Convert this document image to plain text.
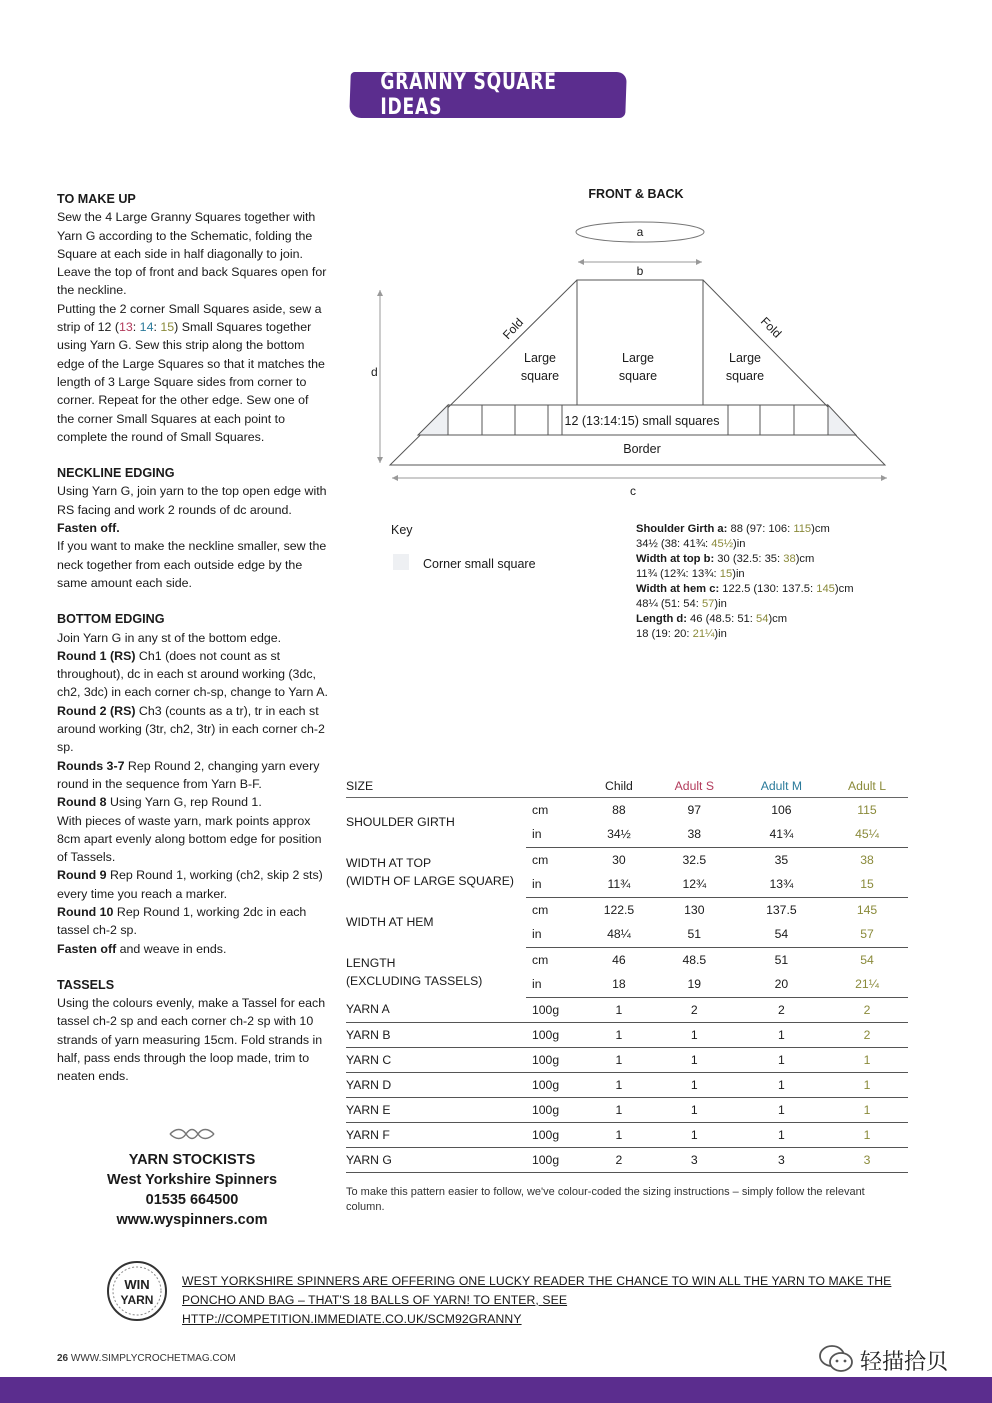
GRANNY SQUARE IDEAS
TO MAKE UP

Sew the 4 Large Granny Squares together with Yarn G according to the Schematic, folding the Square at each side in half diagonally to join. Leave the top of front and back Squares open for the neckline.

Putting the 2 corner Small Squares aside, sew a strip of 12 (13: 14: 15) Small Squares together using Yarn G. Sew this strip along the bottom edge of the Large Squares so that it matches the length of 3 Large Square sides from corner to corner. Repeat for the other edge. Sew one of the corner Small Squares at each point to complete the round of Small Squares.

NECKLINE EDGING

Using Yarn G, join yarn to the top open edge with RS facing and work 2 rounds of dc around.

Fasten off.

If you want to make the neckline smaller, sew the neck together from each outside edge by the same amount each side.

BOTTOM EDGING

Join Yarn G in any st of the bottom edge.

Round 1 (RS) Ch1 (does not count as st throughout), dc in each st around working (3dc, ch2, 3dc) in each corner ch-sp, change to Yarn A.

Round 2 (RS) Ch3 (counts as a tr), tr in each st around working (3tr, ch2, 3tr) in each corner ch-2 sp.

Rounds 3-7 Rep Round 2, changing yarn every round in the sequence from Yarn B-F.

Round 8 Using Yarn G, rep Round 1.

With pieces of waste yarn, mark points approx 8cm apart evenly along bottom edge for position of Tassels.

Round 9 Rep Round 1, working (ch2, skip 2 sts) every time you reach a marker.

Round 10 Rep Round 1, working 2dc in each tassel ch-2 sp.

Fasten off and weave in ends.

TASSELS

Using the colours evenly, make a Tassel for each tassel ch-2 sp and each corner ch-2 sp with 10 strands of yarn measuring 15cm. Fold strands in half, pass ends through the loop made, trim to neaten ends.

YARN STOCKISTS
West Yorkshire Spinners
01535 664500
www.wyspinners.com
FRONT & BACK
a
b
d
Fold	Fold
Large
square
Large
square
Large
square
12 (13:14:15) small squares
Border
c
Key
Corner small square
Shoulder Girth a: 88 (97: 106: 115)cm
34½ (38: 41¾: 45½)in
Width at top b: 30 (32.5: 35: 38)cm
11¾ (12¾: 13¾: 15)in
Width at hem c: 122.5 (130: 137.5: 145)cm
48¼ (51: 54: 57)in
Length d: 46 (48.5: 51: 54)cm
18 (19: 20: 21¼)in
SIZE		Child	Adult S	Adult M	Adult L

SHOULDER GIRTH	cm	88	97	106	115
	in	34½	38	41¾	45¼

WIDTH AT TOP
(WIDTH OF LARGE SQUARE)	cm	30	32.5	35	38
	in	11¾	12¾	13¾	15

WIDTH AT HEM	cm	122.5	130	137.5	145
	in	48¼	51	54	57

LENGTH
(EXCLUDING TASSELS)	cm	46	48.5	51	54
	in	18	19	20	21¼
YARN A	100g	1	2	2	2
YARN B	100g	1	1	1	2
YARN C	100g	1	1	1	1
YARN D	100g	1	1	1	1
YARN E	100g	1	1	1	1
YARN F	100g	1	1	1	1
YARN G	100g	2	3	3	3
To make this pattern easier to follow, we've colour-coded the sizing instructions – simply follow the relevant column.
WIN
YARN
WEST YORKSHIRE SPINNERS ARE OFFERING ONE LUCKY READER THE CHANCE TO WIN ALL THE YARN TO MAKE THE
PONCHO AND BAG – THAT'S 18 BALLS OF YARN! TO ENTER, SEE HTTP://COMPETITION.IMMEDIATE.CO.UK/SCM92GRANNY
26 WWW.SIMPLYCROCHETMAG.COM	轻描拾贝
